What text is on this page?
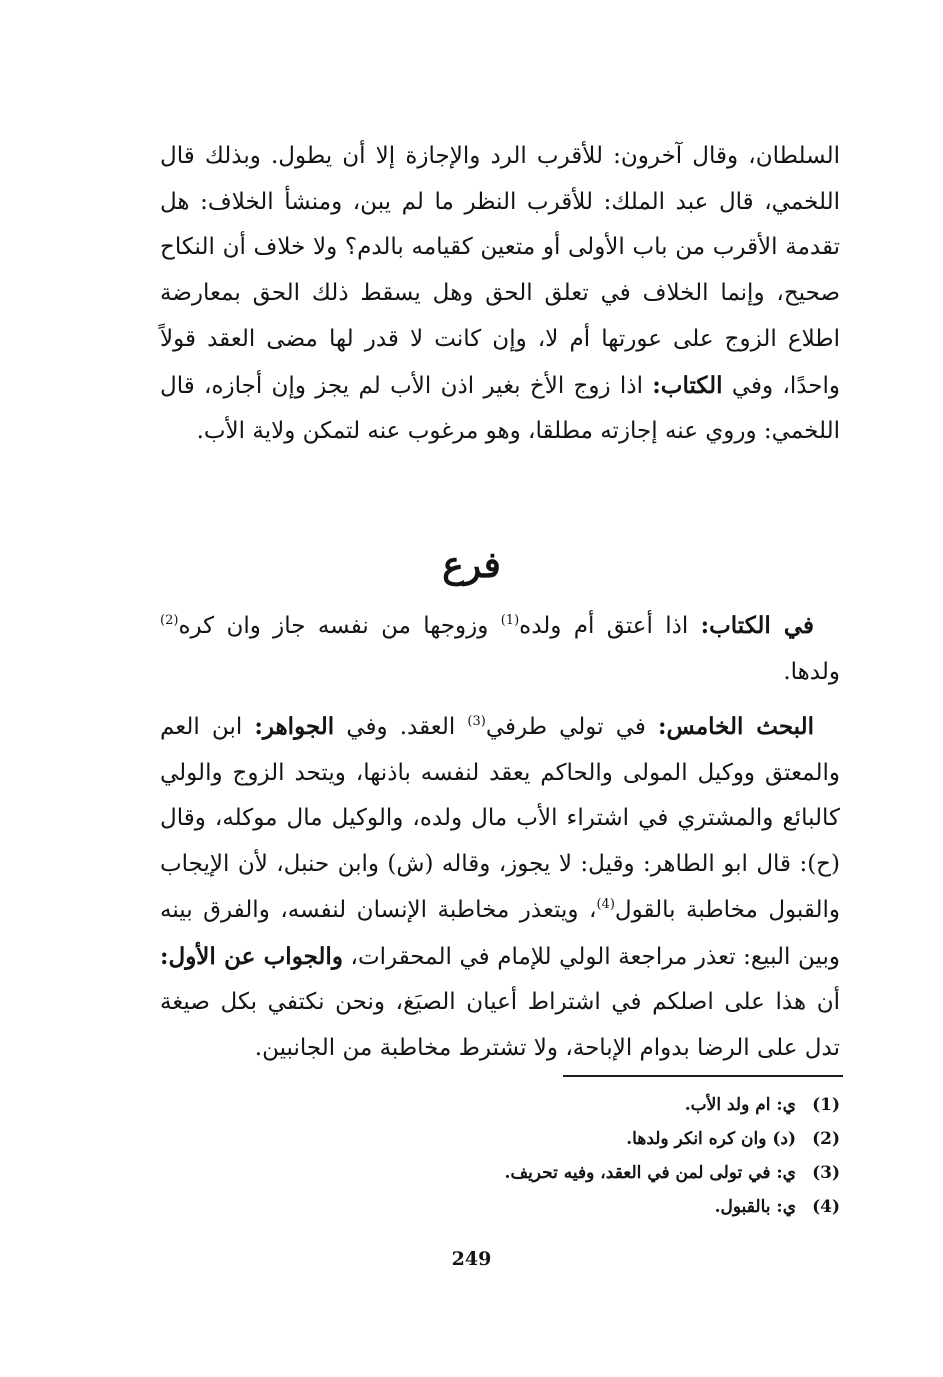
السلطان، وقال آخرون: للأقرب الرد والإجازة إلا أن يطول. وبذلك قال اللخمي، قال عبد الملك: للأقرب النظر ما لم يبن، ومنشأ الخلاف: هل تقدمة الأقرب من باب الأولى أو متعين كقيامه بالدم؟ ولا خلاف أن النكاح صحيح، وإنما الخلاف في تعلق الحق وهل يسقط ذلك الحق بمعارضة اطلاع الزوج على عورتها أم لا، وإن كانت لا قدر لها مضى العقد قولاً واحدًا، وفي الكتاب: اذا زوج الأخ بغير اذن الأب لم يجز وإن أجازه، قال اللخمي: وروي عنه إجازته مطلقا، وهو مرغوب عنه لتمكن ولاية الأب.

فرع

في الكتاب: اذا أعتق أم ولده$^{(1)}$ وزوجها من نفسه جاز وان كره$^{(2)}$ ولدها.

البحث الخامس: في تولي طرفي$^{(3)}$ العقد. وفي الجواهر: ابن العم والمعتق ووكيل المولى والحاكم يعقد لنفسه باذنها، ويتحد الزوج والولي كالبائع والمشتري في اشتراء الأب مال ولده، والوكيل مال موكله، وقال (ح): قال ابو الطاهر: وقيل: لا يجوز، وقاله (ش) وابن حنبل، لأن الإيجاب والقبول مخاطبة بالقول$^{(4)}$، ويتعذر مخاطبة الإنسان لنفسه، والفرق بينه وبين البيع: تعذر مراجعة الولي للإمام في المحقرات، والجواب عن الأول: أن هذا على اصلكم في اشتراط أعيان الصيَغ، ونحن نكتفي بكل صيغة تدل على الرضا بدوام الإباحة، ولا تشترط مخاطبة من الجانبين.

(1)ي: ام ولد الأب.
(2)(د) وان كره انكر ولدها.
(3)ي: في تولى لمن في العقد، وفيه تحريف.
(4)ي: بالقبول.
249
